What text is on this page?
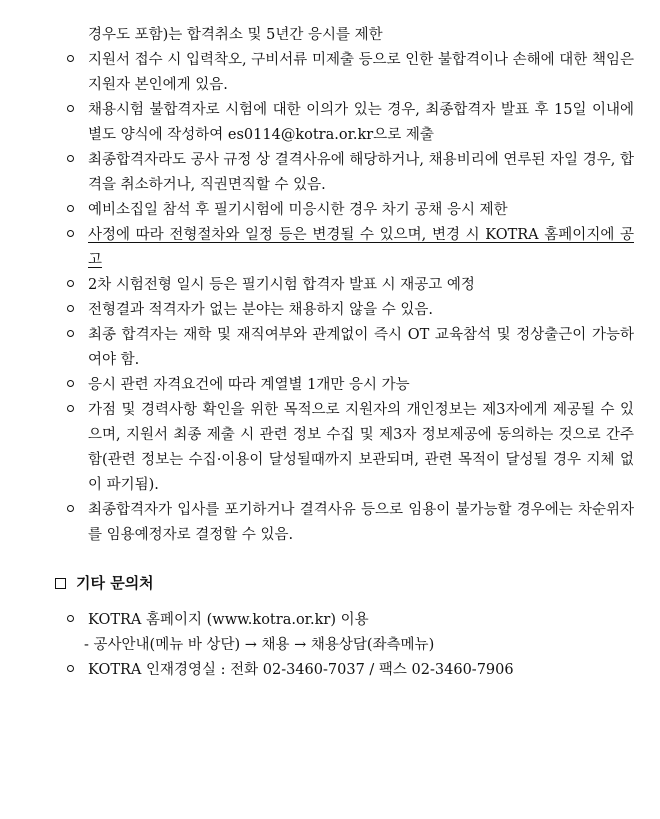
경우도 포함)는 합격취소 및 5년간 응시를 제한

지원서 접수 시 입력착오, 구비서류 미제출 등으로 인한 불합격이나 손해에 대한 책임은 지원자 본인에게 있음.
채용시험 불합격자로 시험에 대한 이의가 있는 경우, 최종합격자 발표 후 15일 이내에 별도 양식에 작성하여 es0114@kotra.or.kr으로 제출
최종합격자라도 공사 규정 상 결격사유에 해당하거나, 채용비리에 연루된 자일 경우, 합격을 취소하거나, 직권면직할 수 있음.
예비소집일 참석 후 필기시험에 미응시한 경우 차기 공채 응시 제한
사정에 따라 전형절차와 일정 등은 변경될 수 있으며, 변경 시 KOTRA 홈페이지에 공고
2차 시험전형 일시 등은 필기시험 합격자 발표 시 재공고 예정
전형결과 적격자가 없는 분야는 채용하지 않을 수 있음.
최종 합격자는 재학 및 재직여부와 관계없이 즉시 OT 교육참석 및 정상출근이 가능하여야 함.
응시 관련 자격요건에 따라 계열별 1개만 응시 가능
가점 및 경력사항 확인을 위한 목적으로 지원자의 개인정보는 제3자에게 제공될 수 있으며, 지원서 최종 제출 시 관련 정보 수집 및 제3자 정보제공에 동의하는 것으로 간주함(관련 정보는 수집·이용이 달성될때까지 보관되며, 관련 목적이 달성될 경우 지체 없이 파기됨).
최종합격자가 입사를 포기하거나 결격사유 등으로 임용이 불가능할 경우에는 차순위자를 임용예정자로 결정할 수 있음.
기타 문의처
KOTRA 홈페이지 (www.kotra.or.kr) 이용
- 공사안내(메뉴 바 상단) → 채용 → 채용상담(좌측메뉴)
KOTRA 인재경영실 : 전화 02-3460-7037 / 팩스 02-3460-7906
